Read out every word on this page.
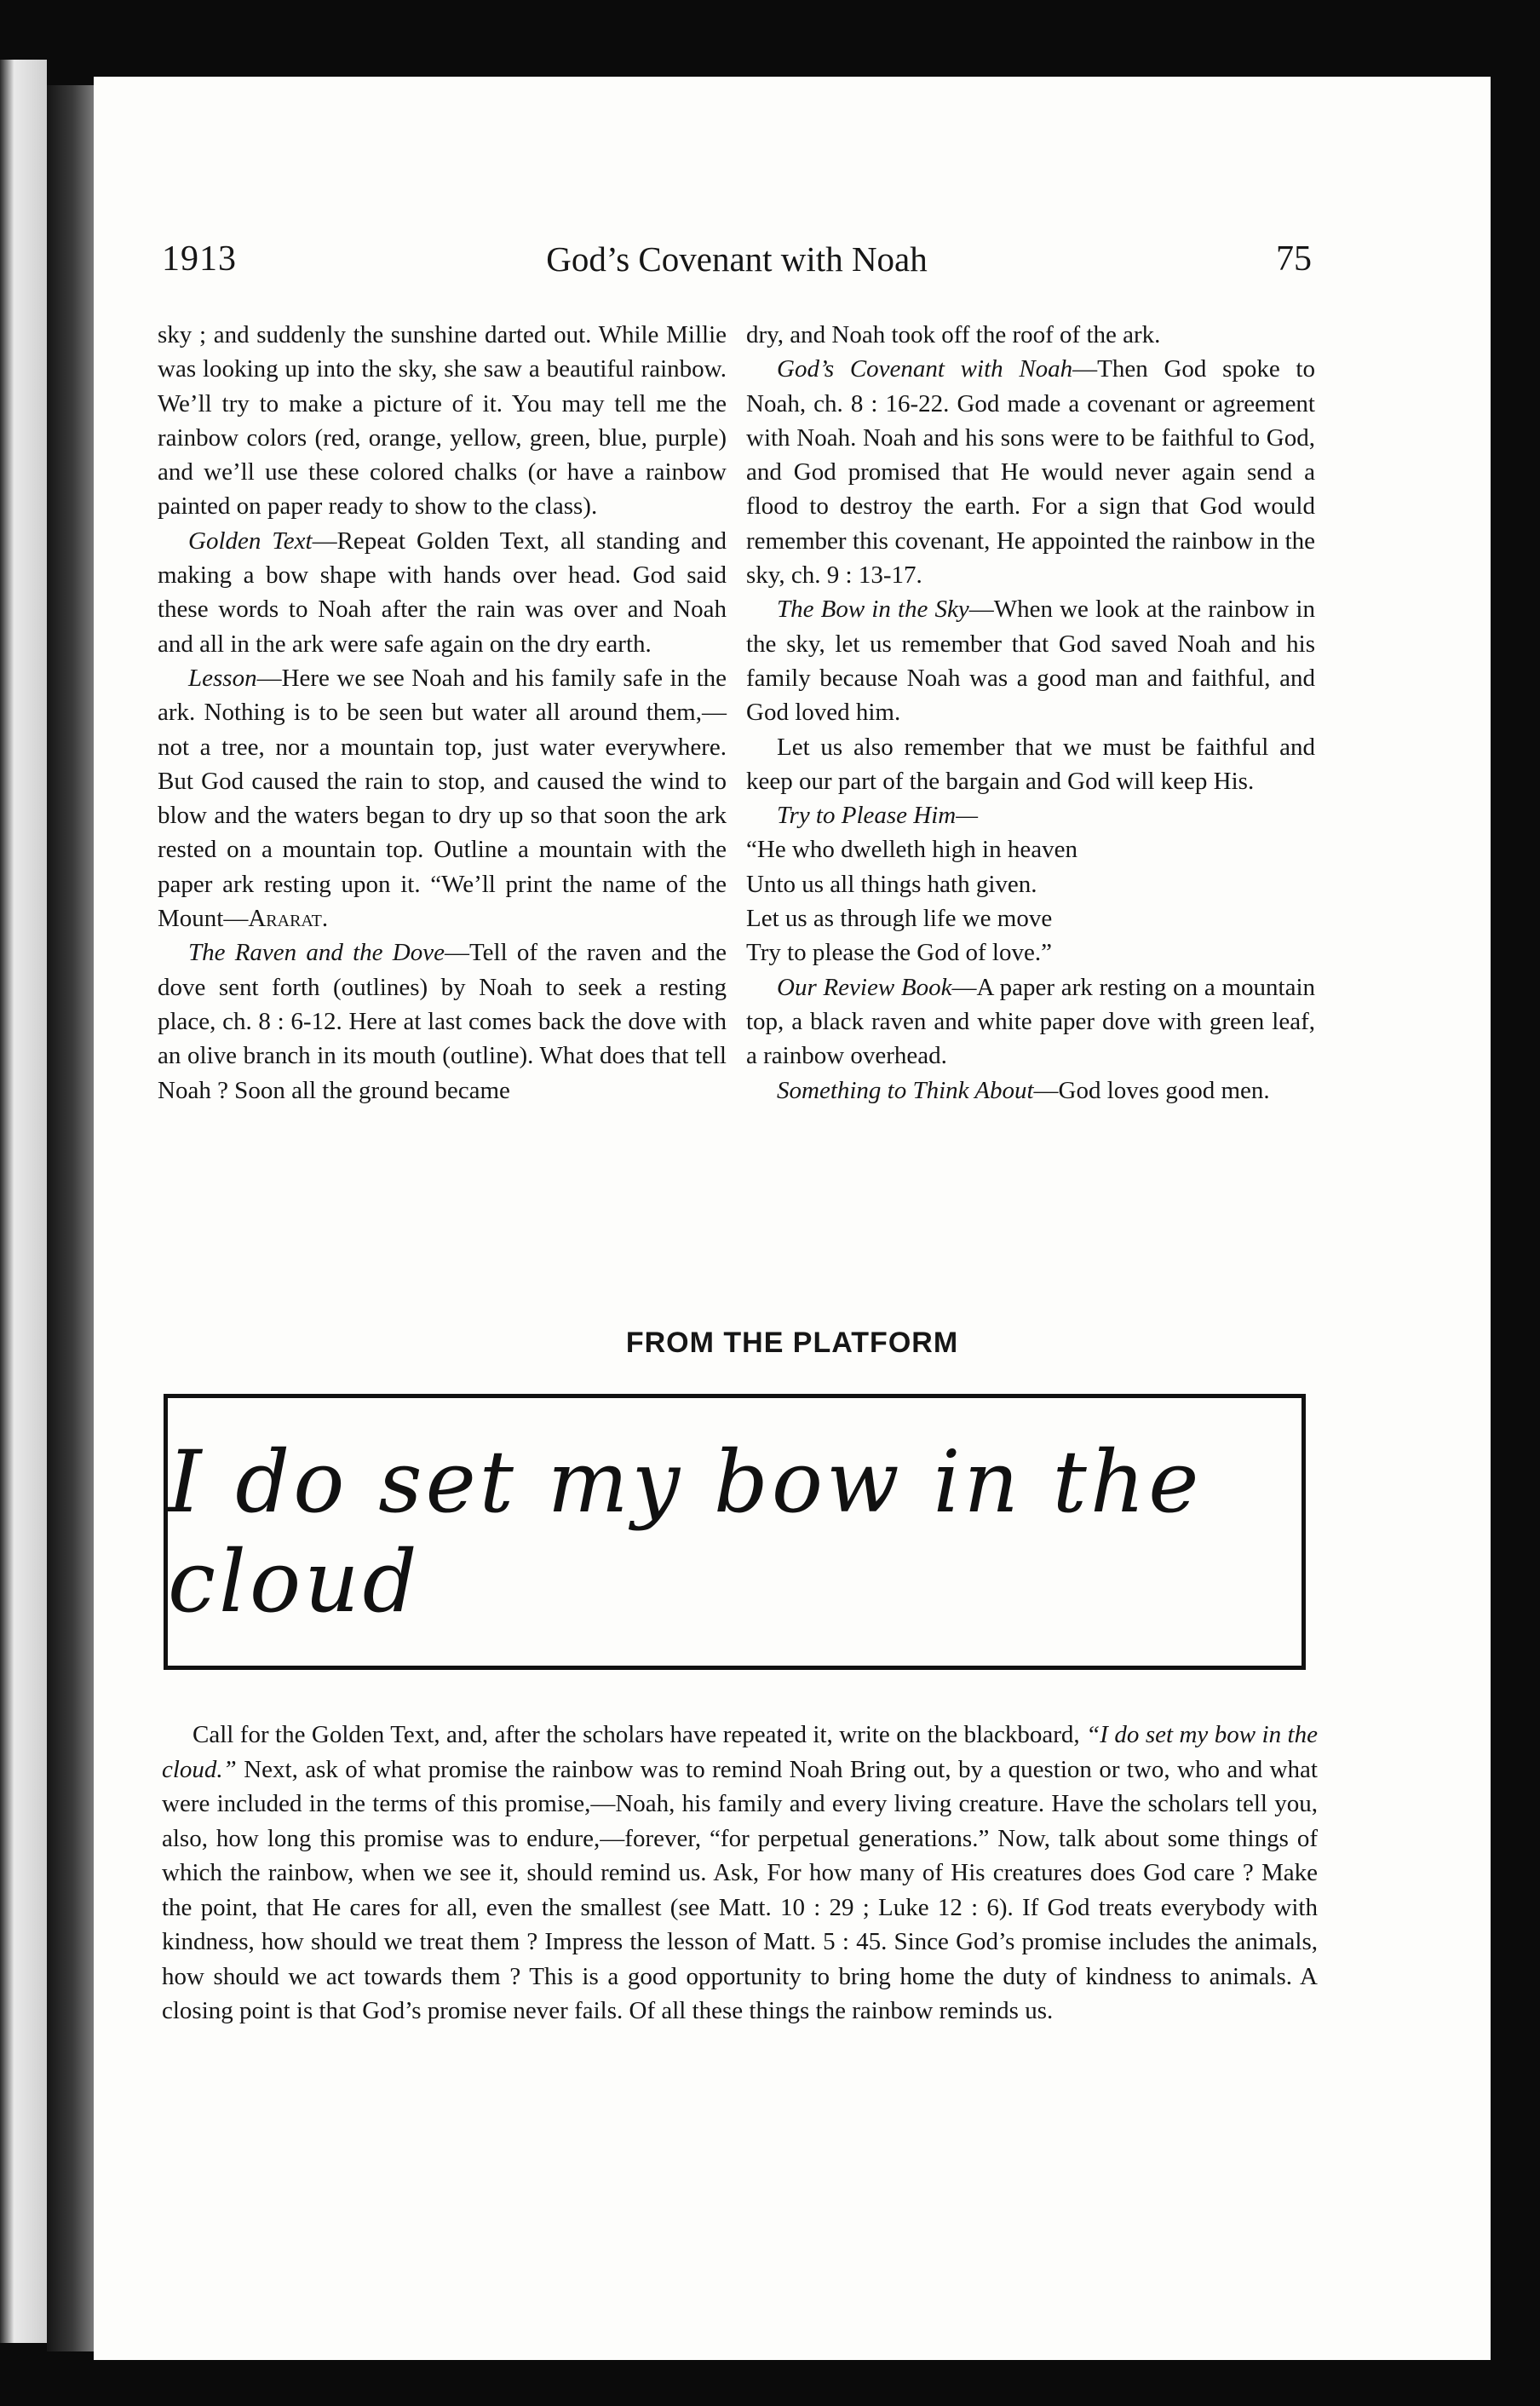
1913	God’s Covenant with Noah	75

sky ; and suddenly the sunshine darted out. While Millie was looking up into the sky, she saw a beautiful rainbow. We’ll try to make a picture of it. You may tell me the rainbow colors (red, orange, yellow, green, blue, purple) and we’ll use these colored chalks (or have a rainbow painted on paper ready to show to the class).

Golden Text—Repeat Golden Text, all standing and making a bow shape with hands over head. God said these words to Noah after the rain was over and Noah and all in the ark were safe again on the dry earth.

Lesson—Here we see Noah and his family safe in the ark. Nothing is to be seen but water all around them,—not a tree, nor a mountain top, just water everywhere. But God caused the rain to stop, and caused the wind to blow and the waters began to dry up so that soon the ark rested on a mountain top. Outline a mountain with the paper ark resting upon it. “We’ll print the name of the Mount—Ararat.

The Raven and the Dove—Tell of the raven and the dove sent forth (outlines) by Noah to seek a resting place, ch. 8 : 6-12. Here at last comes back the dove with an olive branch in its mouth (outline). What does that tell Noah ? Soon all the ground became

dry, and Noah took off the roof of the ark.

God’s Covenant with Noah—Then God spoke to Noah, ch. 8 : 16-22. God made a covenant or agreement with Noah. Noah and his sons were to be faithful to God, and God promised that He would never again send a flood to destroy the earth. For a sign that God would remember this covenant, He appointed the rainbow in the sky, ch. 9 : 13-17.

The Bow in the Sky—When we look at the rainbow in the sky, let us remember that God saved Noah and his family because Noah was a good man and faithful, and God loved him.

Let us also remember that we must be faithful and keep our part of the bargain and God will keep His.

Try to Please Him—

“He who dwelleth high in heaven

Unto us all things hath given.

Let us as through life we move

Try to please the God of love.”

Our Review Book—A paper ark resting on a mountain top, a black raven and white paper dove with green leaf, a rainbow overhead.

Something to Think About—God loves good men.

FROM THE PLATFORM
I do set my bow in the cloud

Call for the Golden Text, and, after the scholars have repeated it, write on the blackboard, “I do set my bow in the cloud.” Next, ask of what promise the rainbow was to remind Noah Bring out, by a question or two, who and what were included in the terms of this promise,—Noah, his family and every living creature. Have the scholars tell you, also, how long this promise was to endure,—forever, “for perpetual generations.” Now, talk about some things of which the rainbow, when we see it, should remind us. Ask, For how many of His creatures does God care ? Make the point, that He cares for all, even the smallest (see Matt. 10 : 29 ; Luke 12 : 6). If God treats everybody with kindness, how should we treat them ? Impress the lesson of Matt. 5 : 45. Since God’s promise includes the animals, how should we act towards them ? This is a good opportunity to bring home the duty of kindness to animals. A closing point is that God’s promise never fails. Of all these things the rainbow reminds us.
